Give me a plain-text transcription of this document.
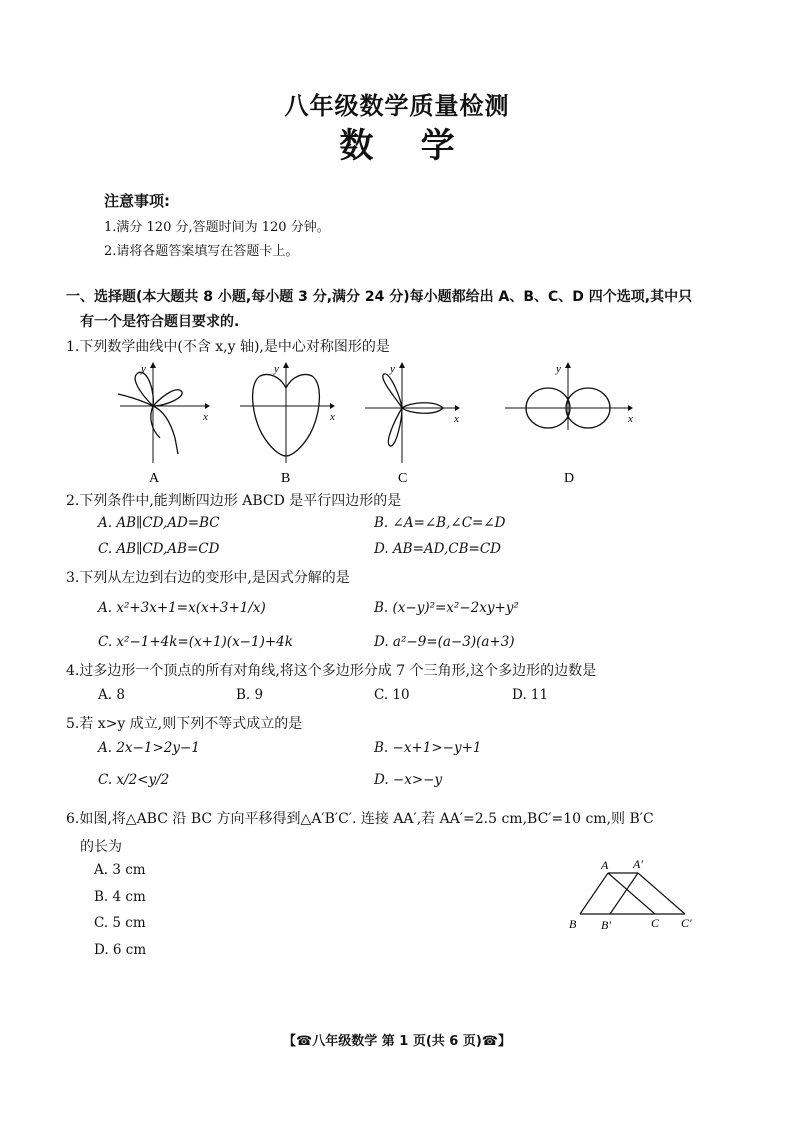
八年级数学质量检测
数    学
注意事项:
1.满分 120 分,答题时间为 120 分钟。
2.请将各题答案填写在答题卡上。
一、选择题(本大题共 8 小题,每小题 3 分,满分 24 分)每小题都给出 A、B、C、D 四个选项,其中只
有一个是符合题目要求的.
1.下列数学曲线中(不含 x,y 轴),是中心对称图形的是
y
x
A
y
x
B
y
x
C
y
x
D
2.下列条件中,能判断四边形 ABCD 是平行四边形的是
A. AB∥CD,AD=BC	B. ∠A=∠B,∠C=∠D
C. AB∥CD,AB=CD	D. AB=AD,CB=CD
3.下列从左边到右边的变形中,是因式分解的是
A. x²+3x+1=x(x+3+1/x)	B. (x−y)²=x²−2xy+y²
C. x²−1+4k=(x+1)(x−1)+4k	D. a²−9=(a−3)(a+3)
4.过多边形一个顶点的所有对角线,将这个多边形分成 7 个三角形,这个多边形的边数是
A. 8	B. 9	C. 10	D. 11
5.若 x>y 成立,则下列不等式成立的是
A. 2x−1>2y−1	B. −x+1>−y+1
C. x/2<y/2	D. −x>−y
6.如图,将△ABC 沿 BC 方向平移得到△A′B′C′. 连接 AA′,若 AA′=2.5 cm,BC′=10 cm,则 B′C
的长为
A. 3 cm
B. 4 cm
C. 5 cm
D. 6 cm
A A′
B B′	C C′
【☎八年级数学 第 1 页(共 6 页)☎】
